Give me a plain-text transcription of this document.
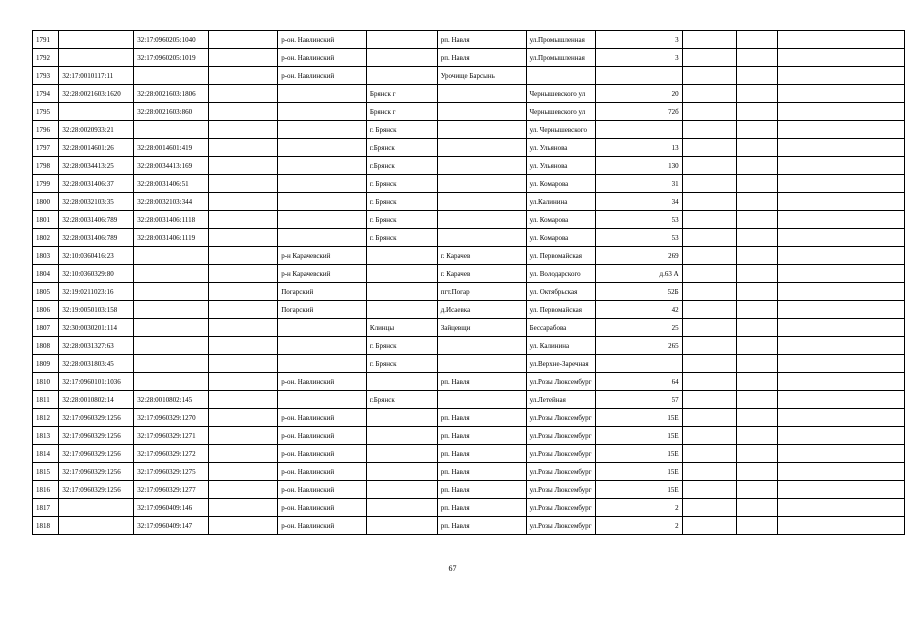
1791		32:17:0960205:1040		р-он. Навлинский		рп. Навля	ул.Промышленная	3			
1792		32:17:0960205:1019		р-он. Навлинский		рп. Навля	ул.Промышленная	3			
1793	32:17:0010117:11			р-он. Навлинский		Урочище Барсынь					
1794	32:28:0021603:1620	32:28:0021603:1806			Брянск г		Чернышевского ул	20			
1795		32:28:0021603:860			Брянск г		Чернышевского ул	72б			
1796	32:28:0020933:21				г. Брянск		ул. Чернышевского				
1797	32:28:0014601:26	32:28:0014601:419			г.Брянск		ул. Ульянова	13			
1798	32:28:0034413:25	32:28:0034413:169			г.Брянск		ул. Ульянова	130			
1799	32:28:0031406:37	32:28:0031406:51			г. Брянск		ул. Комарова	31			
1800	32:28:0032103:35	32:28:0032103:344			г. Брянск		ул.Калинина	34			
1801	32:28:0031406:789	32:28:0031406:1118			г. Брянск		ул. Комарова	53			
1802	32:28:0031406:789	32:28:0031406:1119			г. Брянск		ул. Комарова	53			
1803	32:10:0360416:23			р-н Карачевский		г. Карачев	ул. Первомайская	269			
1804	32:10:0360329:80			р-н Карачевский		г. Карачев	ул. Володарского	д.63 А			
1805	32:19:0211023:16			Погарский		пгт.Погар	ул. Октябрьская	52Б			
1806	32:19:0050103:158			Погарский		д.Исаевка	ул. Первомайская	42			
1807	32:30:0030201:114				Клинцы	Зайцевщи	Бессарабова	25			
1808	32:28:0031327:63				г. Брянск		ул. Калинина	265			
1809	32:28:0031803:45				г. Брянск		ул.Верхне-Заречная				
1810	32:17:0960101:1036			р-он. Навлинский		рп. Навля	ул.Розы Люксембург	64			
1811	32:28:0010802:14	32:28:0010802:145			г.Брянск		ул.Летейная	57			
1812	32:17:0960329:1256	32:17:0960329:1270		р-он. Навлинский		рп. Навля	ул.Розы Люксембург	15Е			
1813	32:17:0960329:1256	32:17:0960329:1271		р-он. Навлинский		рп. Навля	ул.Розы Люксембург	15Е			
1814	32:17:0960329:1256	32:17:0960329:1272		р-он. Навлинский		рп. Навля	ул.Розы Люксембург	15Е			
1815	32:17:0960329:1256	32:17:0960329:1275		р-он. Навлинский		рп. Навля	ул.Розы Люксембург	15Е			
1816	32:17:0960329:1256	32:17:0960329:1277		р-он. Навлинский		рп. Навля	ул.Розы Люксембург	15Е			
1817		32:17:0960409:146		р-он. Навлинский		рп. Навля	ул.Розы Люксембург	2			
1818		32:17:0960409:147		р-он. Навлинский		рп. Навля	ул.Розы Люксембург	2			
67
